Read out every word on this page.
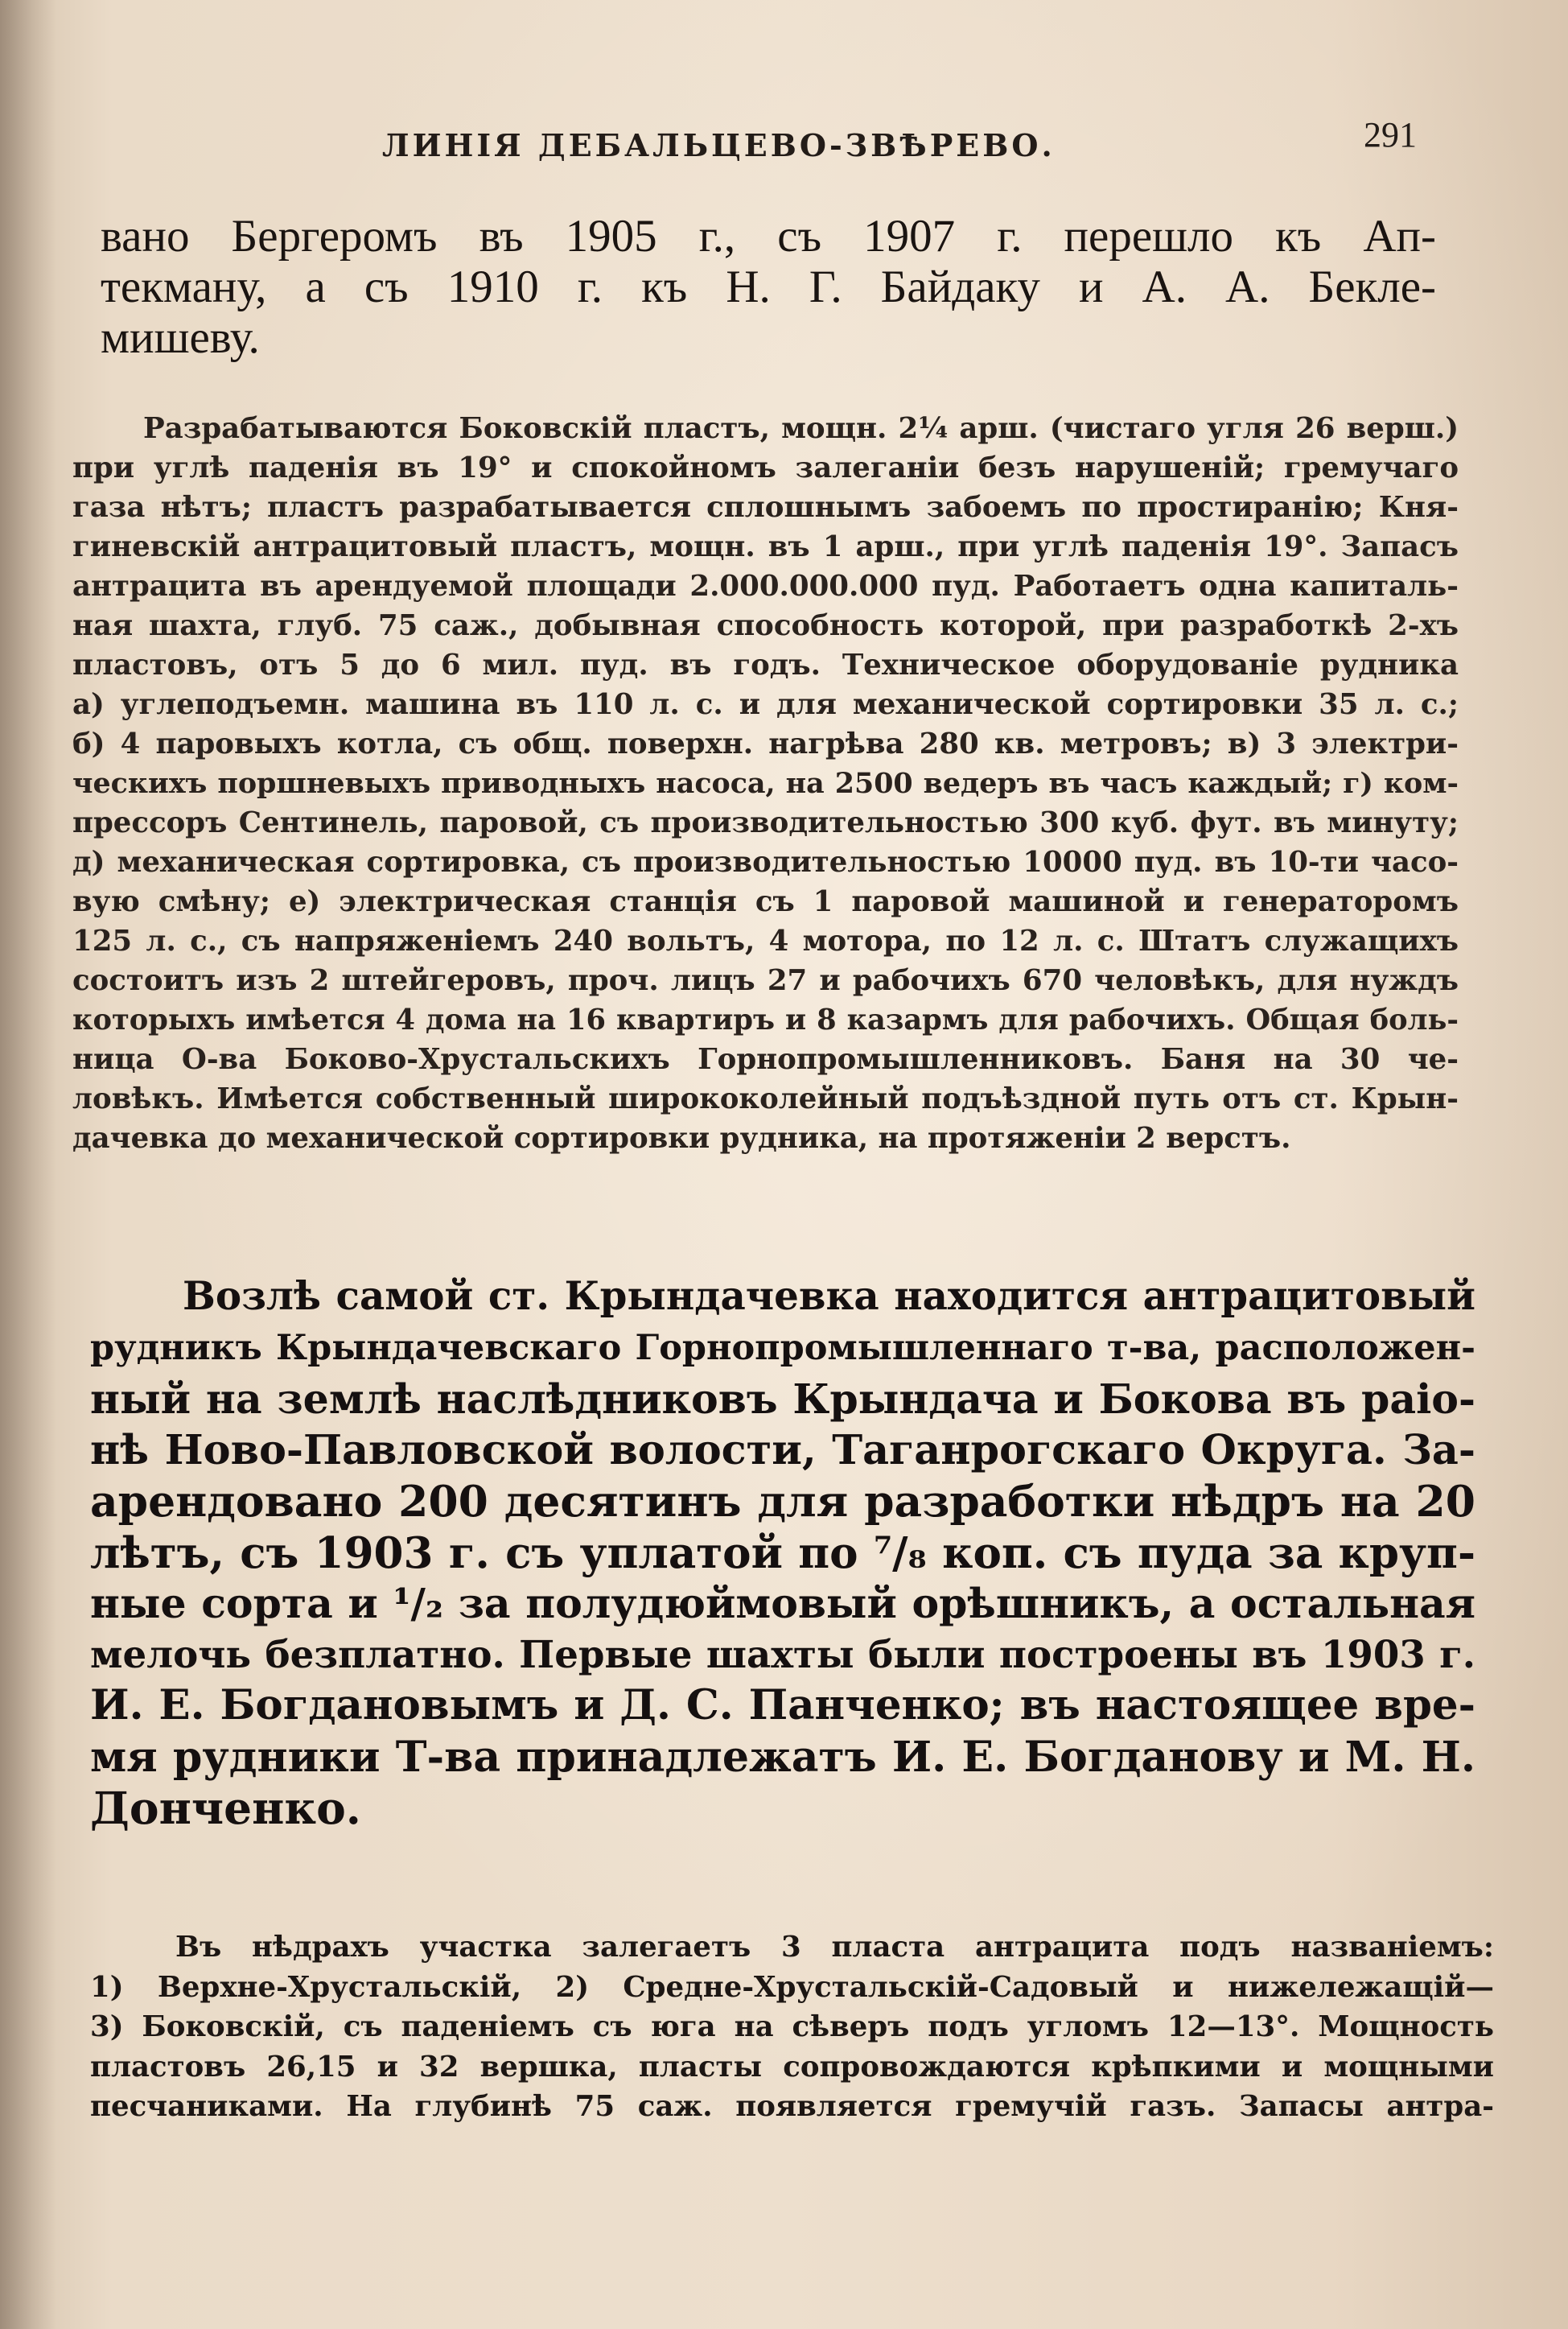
ЛИНІЯ ДЕБАЛЬЦЕВО-ЗВѢРЕВО.	291
вано Бергеромъ въ 1905 г., съ 1907 г. перешло къ Ап-
текману, а съ 1910 г. къ Н. Г. Байдаку и А. А. Бекле-
мишеву.
Разрабатываются Боковскій пластъ, мощн. 2¼ арш. (чистаго угля 26 верш.)
при углѣ паденія въ 19° и спокойномъ залеганіи безъ нарушеній; гремучаго
газа нѣтъ; пластъ разрабатывается сплошнымъ забоемъ по простиранію; Кня-
гиневскій антрацитовый пластъ, мощн. въ 1 арш., при углѣ паденія 19°. Запасъ
антрацита въ арендуемой площади 2.000.000.000 пуд. Работаетъ одна капиталь-
ная шахта, глуб. 75 саж., добывная способность которой, при разработкѣ 2-хъ
пластовъ, отъ 5 до 6 мил. пуд. въ годъ. Техническое оборудованіе рудника
а) углеподъемн. машина въ 110 л. с. и для механической сортировки 35 л. с.;
б) 4 паровыхъ котла, съ общ. поверхн. нагрѣва 280 кв. метровъ; в) 3 электри-
ческихъ поршневыхъ приводныхъ насоса, на 2500 ведеръ въ часъ каждый; г) ком-
прессоръ Сентинель, паровой, съ производительностью 300 куб. фут. въ минуту;
д) механическая сортировка, съ производительностью 10000 пуд. въ 10-ти часо-
вую смѣну; е) электрическая станція съ 1 паровой машиной и генераторомъ
125 л. с., съ напряженіемъ 240 вольтъ, 4 мотора, по 12 л. с. Штатъ служащихъ
состоитъ изъ 2 штейгеровъ, проч. лицъ 27 и рабочихъ 670 человѣкъ, для нуждъ
которыхъ имѣется 4 дома на 16 квартиръ и 8 казармъ для рабочихъ. Общая боль-
ница О-ва Боково-Хрустальскихъ Горнопромышленниковъ. Баня на 30 че-
ловѣкъ. Имѣется собственный ширококолейный подъѣздной путь отъ ст. Крын-
дачевка до механической сортировки рудника, на протяженіи 2 верстъ.
Возлѣ самой ст. Крындачевка находится антрацитовый
рудникъ Крындачевскаго Горнопромышленнаго т-ва, расположен-
ный на землѣ наслѣдниковъ Крындача и Бокова въ раіо-
нѣ Ново-Павловской волости, Таганрогскаго Округа. За-
арендовано 200 десятинъ для разработки нѣдръ на 20
лѣтъ, съ 1903 г. съ уплатой по ⁷/₈ коп. съ пуда за круп-
ные сорта и ¹/₂ за полудюймовый орѣшникъ, а остальная
мелочь безплатно. Первые шахты были построены въ 1903 г.
И. Е. Богдановымъ и Д. С. Панченко; въ настоящее вре-
мя рудники Т-ва принадлежатъ И. Е. Богданову и М. Н.
Донченко.
Въ нѣдрахъ участка залегаетъ 3 пласта антрацита подъ названіемъ:
1) Верхне-Хрустальскій, 2) Средне-Хрустальскій-Садовый и нижележащій—
3) Боковскій, съ паденіемъ съ юга на сѣверъ подъ угломъ 12—13°. Мощность
пластовъ 26,15 и 32 вершка, пласты сопровождаются крѣпкими и мощными
песчаниками. На глубинѣ 75 саж. появляется гремучій газъ. Запасы антра-
